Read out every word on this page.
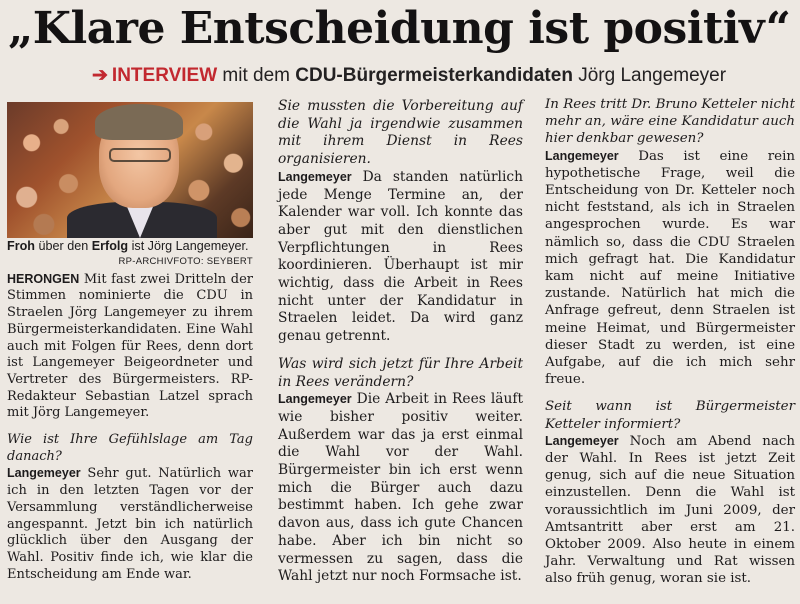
„Klare Entscheidung ist positiv“
➔ INTERVIEW mit dem CDU-Bürgermeisterkandidaten Jörg Langemeyer

Froh über den Erfolg ist Jörg Langemeyer.

RP-ARCHIVFOTO: SEYBERT

HERONGEN Mit fast zwei Dritteln der Stimmen nominierte die CDU in Straelen Jörg Langemeyer zu ihrem Bürgermeisterkandidaten. Eine Wahl auch mit Folgen für Rees, denn dort ist Langemeyer Beigeordneter und Vertreter des Bürgermeisters. RP-Redakteur Sebastian Latzel sprach mit Jörg Langemeyer.

Wie ist Ihre Gefühlslage am Tag danach?

Langemeyer Sehr gut. Natürlich war ich in den letzten Tagen vor der Versammlung verständlicherweise angespannt. Jetzt bin ich natürlich glücklich über den Ausgang der Wahl. Positiv finde ich, wie klar die Entscheidung am Ende war.

Sie mussten die Vorbereitung auf die Wahl ja irgendwie zusammen mit ihrem Dienst in Rees organisieren.

Langemeyer Da standen natürlich jede Menge Termine an, der Kalender war voll. Ich konnte das aber gut mit den dienstlichen Verpflichtungen in Rees koordinieren. Überhaupt ist mir wichtig, dass die Arbeit in Rees nicht unter der Kandidatur in Straelen leidet. Da wird ganz genau getrennt.

Was wird sich jetzt für Ihre Arbeit in Rees verändern?

Langemeyer Die Arbeit in Rees läuft wie bisher positiv weiter. Außerdem war das ja erst einmal die Wahl vor der Wahl. Bürgermeister bin ich erst wenn mich die Bürger auch dazu bestimmt haben. Ich gehe zwar davon aus, dass ich gute Chancen habe. Aber ich bin nicht so vermessen zu sagen, dass die Wahl jetzt nur noch Formsache ist.

In Rees tritt Dr. Bruno Ketteler nicht mehr an, wäre eine Kandidatur auch hier denkbar gewesen?

Langemeyer Das ist eine rein hypothetische Frage, weil die Entscheidung von Dr. Ketteler noch nicht feststand, als ich in Straelen angesprochen wurde. Es war nämlich so, dass die CDU Straelen mich gefragt hat. Die Kandidatur kam nicht auf meine Initiative zustande. Natürlich hat mich die Anfrage gefreut, denn Straelen ist meine Heimat, und Bürgermeister dieser Stadt zu werden, ist eine Aufgabe, auf die ich mich sehr freue.

Seit wann ist Bürgermeister Ketteler informiert?

Langemeyer Noch am Abend nach der Wahl. In Rees ist jetzt Zeit genug, sich auf die neue Situation einzustellen. Denn die Wahl ist voraussichtlich im Juni 2009, der Amtsantritt aber erst am 21. Oktober 2009. Also heute in einem Jahr. Verwaltung und Rat wissen also früh genug, woran sie ist.
